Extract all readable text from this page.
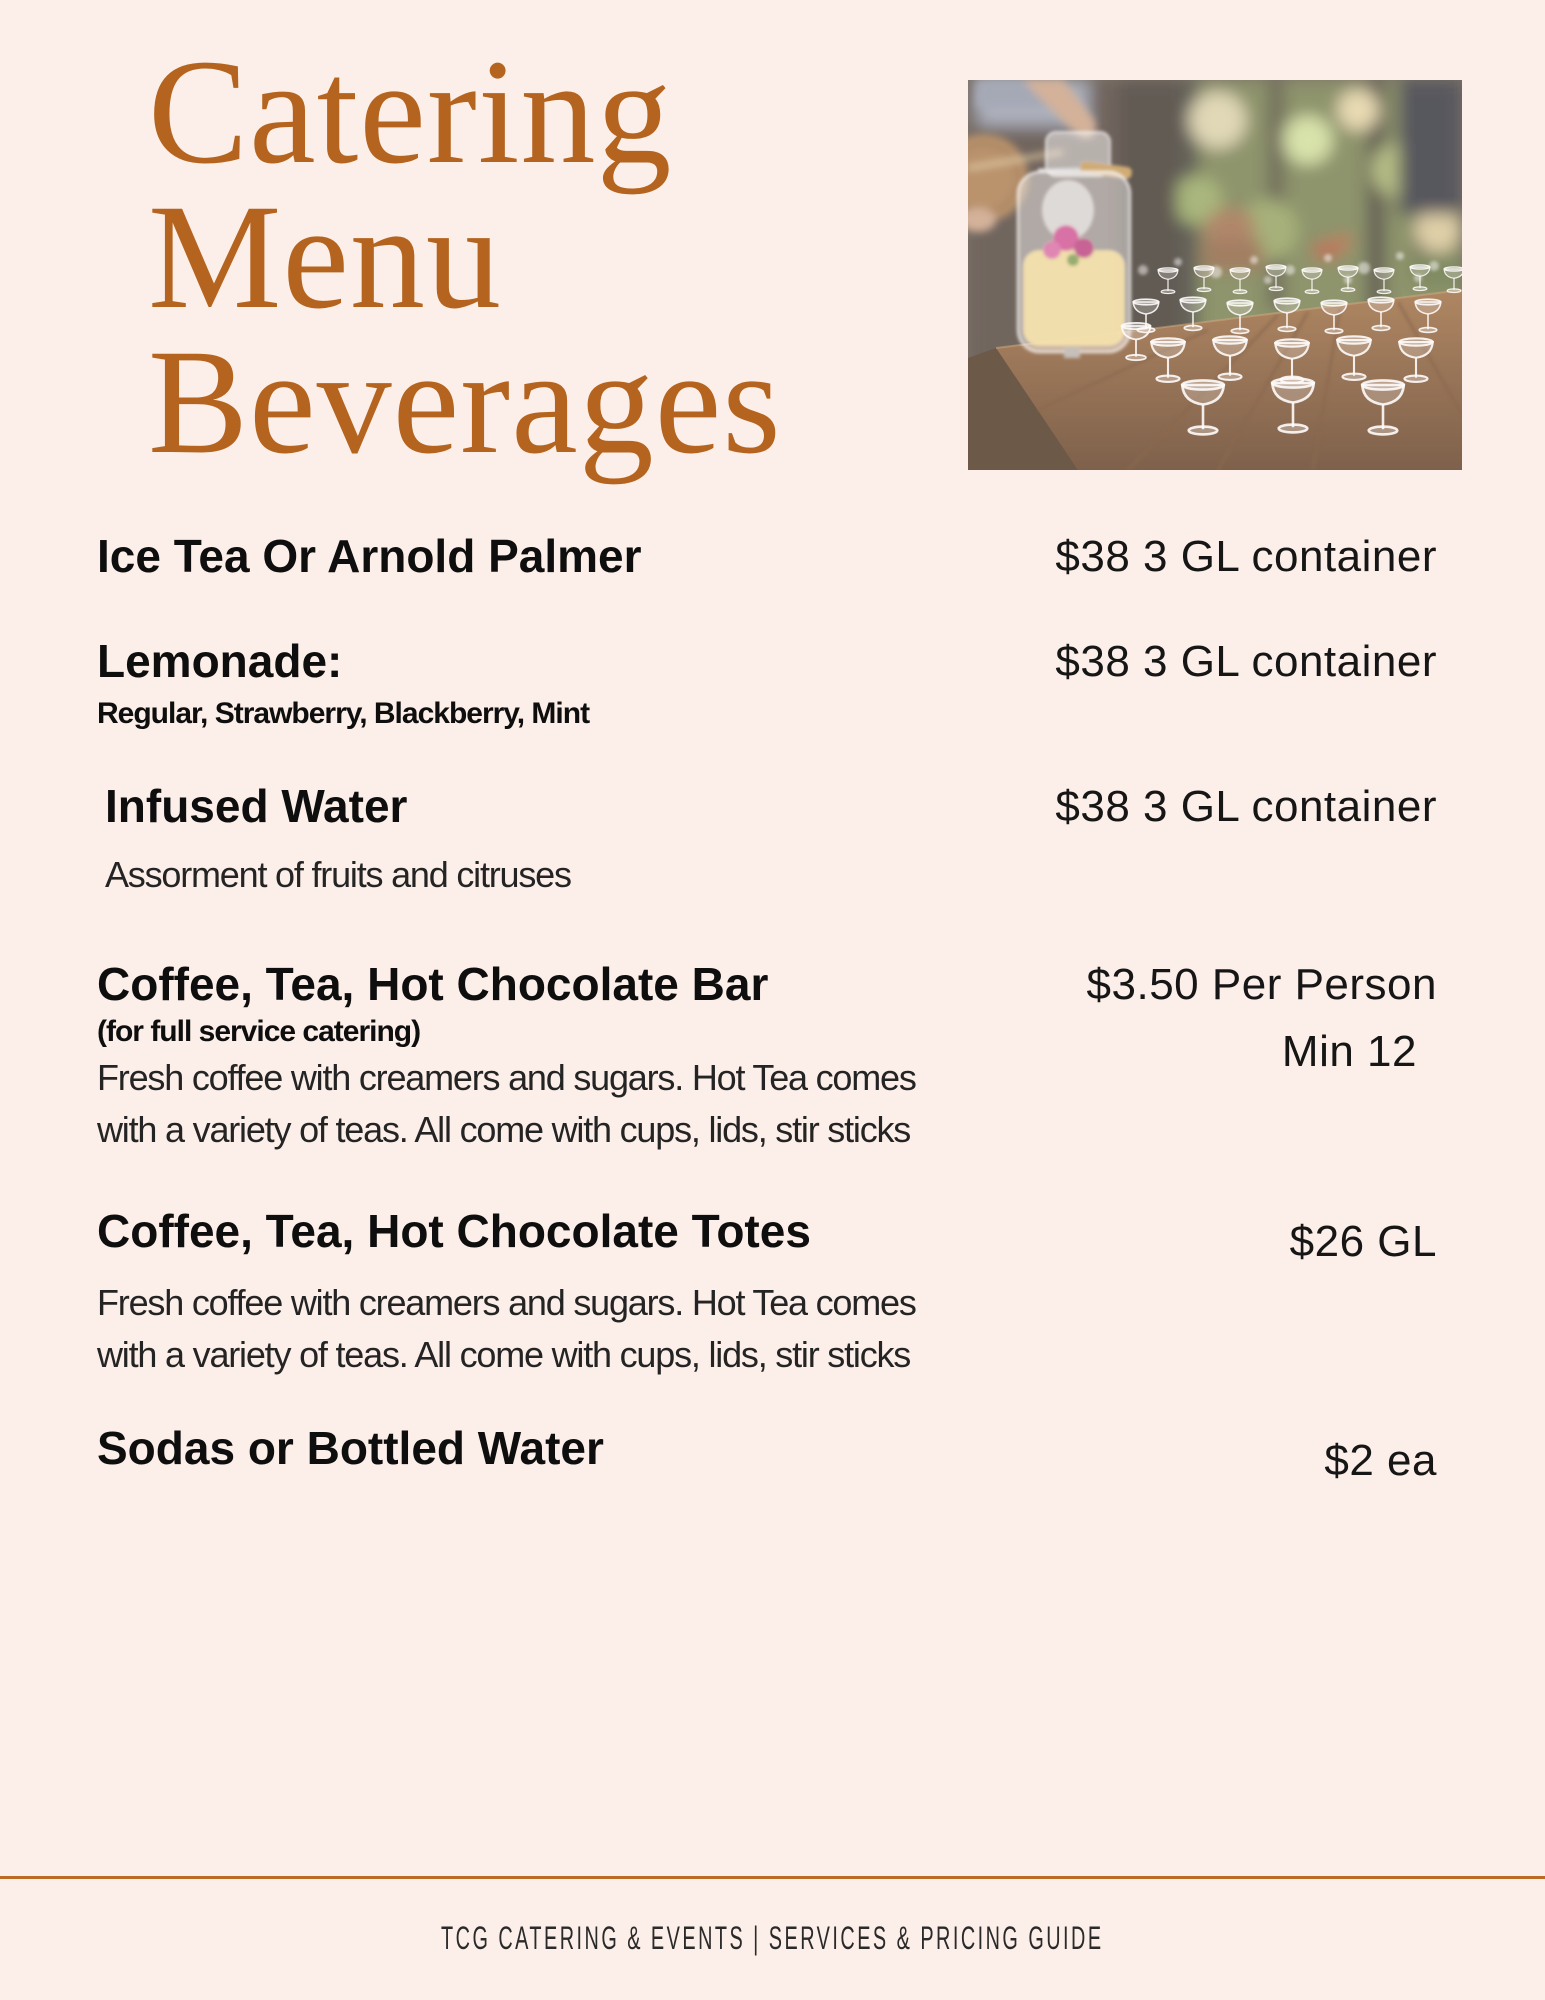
Catering
Menu
Beverages
Ice Tea Or Arnold Palmer	$38 3 GL container
Lemonade:
Regular, Strawberry, Blackberry, Mint
$38 3 GL container
Infused Water
Assorment of fruits and citruses
$38 3 GL container
Coffee, Tea, Hot Chocolate Bar
(for full service catering)
Fresh coffee with creamers and sugars. Hot Tea comes
with a variety of teas. All come with cups, lids, stir sticks
$3.50 Per Person
Min 12
Coffee, Tea, Hot Chocolate Totes
Fresh coffee with creamers and sugars. Hot Tea comes
with a variety of teas. All come with cups, lids, stir sticks
$26 GL
Sodas or Bottled Water	$2 ea
TCG CATERING & EVENTS | SERVICES & PRICING GUIDE
